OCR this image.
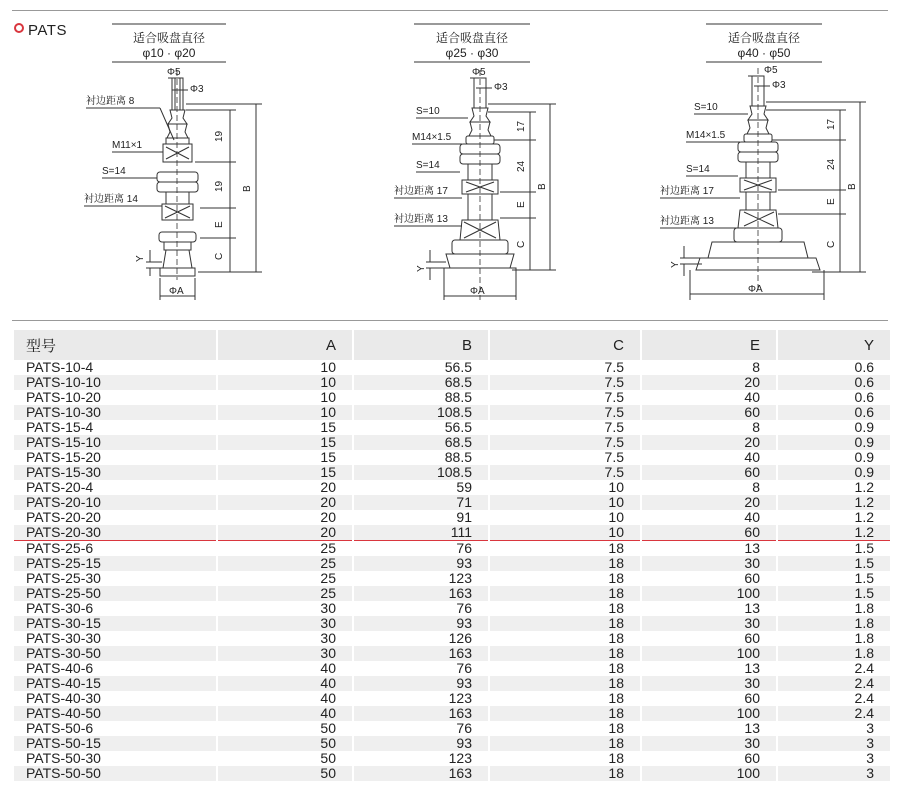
PATS	适合吸盘直径
φ10 · φ20
Φ5
Φ3
衬边距离 8
M11×1
S=14
衬边距离 14
Y
ΦA
19
19
E
C
B
适合吸盘直径
φ25 · φ30
Φ5
Φ3
S=10
M14×1.5
S=14
衬边距离 17
衬边距离 13
Y
ΦA
17
24
E
C
B
适合吸盘直径
φ40 · φ50
Φ5
Φ3
S=10
M14×1.5
S=14
衬边距离 17
衬边距离 13
Y
ΦA
17
24
E
C
B
型号	A	B	C	E	Y
PATS-10-4	10	56.5	7.5	8	0.6
PATS-10-10	10	68.5	7.5	20	0.6
PATS-10-20	10	88.5	7.5	40	0.6
PATS-10-30	10	108.5	7.5	60	0.6
PATS-15-4	15	56.5	7.5	8	0.9
PATS-15-10	15	68.5	7.5	20	0.9
PATS-15-20	15	88.5	7.5	40	0.9
PATS-15-30	15	108.5	7.5	60	0.9
PATS-20-4	20	59	10	8	1.2
PATS-20-10	20	71	10	20	1.2
PATS-20-20	20	91	10	40	1.2
PATS-20-30	20	111	10	60	1.2
PATS-25-6	25	76	18	13	1.5
PATS-25-15	25	93	18	30	1.5
PATS-25-30	25	123	18	60	1.5
PATS-25-50	25	163	18	100	1.5
PATS-30-6	30	76	18	13	1.8
PATS-30-15	30	93	18	30	1.8
PATS-30-30	30	126	18	60	1.8
PATS-30-50	30	163	18	100	1.8
PATS-40-6	40	76	18	13	2.4
PATS-40-15	40	93	18	30	2.4
PATS-40-30	40	123	18	60	2.4
PATS-40-50	40	163	18	100	2.4
PATS-50-6	50	76	18	13	3
PATS-50-15	50	93	18	30	3
PATS-50-30	50	123	18	60	3
PATS-50-50	50	163	18	100	3
